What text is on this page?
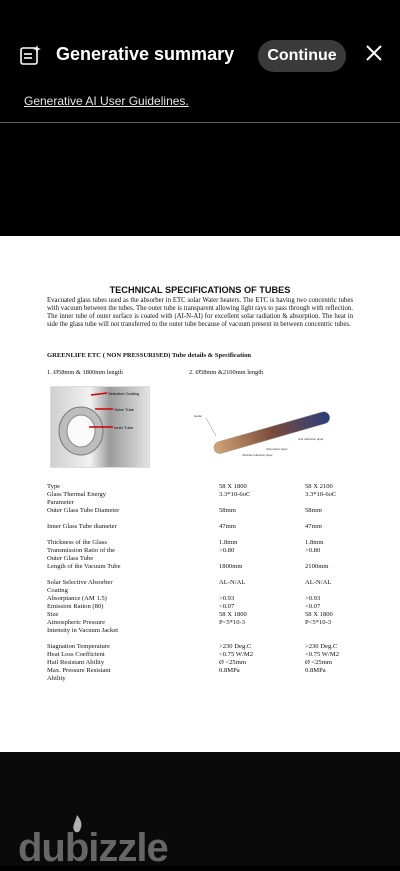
Generative summary	Continue
Generative AI User Guidelines.
TECHNICAL SPECIFICATIONS OF TUBES
Evacuated glass tubes used as the absorber in ETC solar Water heaters. The ETC is having two concentric tubes with vacuum between the tubes. The outer tube is transparent allowing light rays to pass through with reflection. The inner tube of outer surface is coated with (AI-N-AI) for excellent solar radiation & absorption. The heat in side the glass tube will not transferred to the outer tube because of vacuum present in between concentric tubes.
GREENLIFE ETC ( NON PRESSURISED) Tube details & Specification
1. Ø58mm & 1800mm length	2. Ø58mm &2100mm length
Selective Coating
Outer Tube
Inner Tube
Getter
Anti reflection layer
Absorption layer
Infrared reflection layer
Type	58 X 1800	58 X 2100
Glass Thermal Energy	3.3*10-6oC	3.3*10-6oC
Parameter
Outer Glass Tube Diameter	58mm	58mm
Inner Glass Tube diameter	47mm	47mm
Thickness of the Glass	1.8mm	1.8mm
Transmission Ratio of the	>0.80	>0.80
Outer Glass Tube
Length of the Vacuum Tube	1800mm	2100mm
Solar Selective Absorber	AL-N/AL	AL-N/AL
Coating
Absorptance (AM 1.5)	>0.93	>0.93
Emission Ration (80)	<0.07	<0.07
Size	58 X 1800	58 X 1800
Atmospheric Pressure	P<5*10-3	P<5*10-3
Intensity in Vacuum Jacket
Stagnation Temperature	>230 Deg.C	>230 Deg.C
Heat Loss Coefficient	<0.75 W/M2	<0.75 W/M2
Hail Resistant Ability	Ø <25mm	Ø <25mm
Max. Pressure Resistant	0.8MPa	0.8MPa
Ability
dubizzle
